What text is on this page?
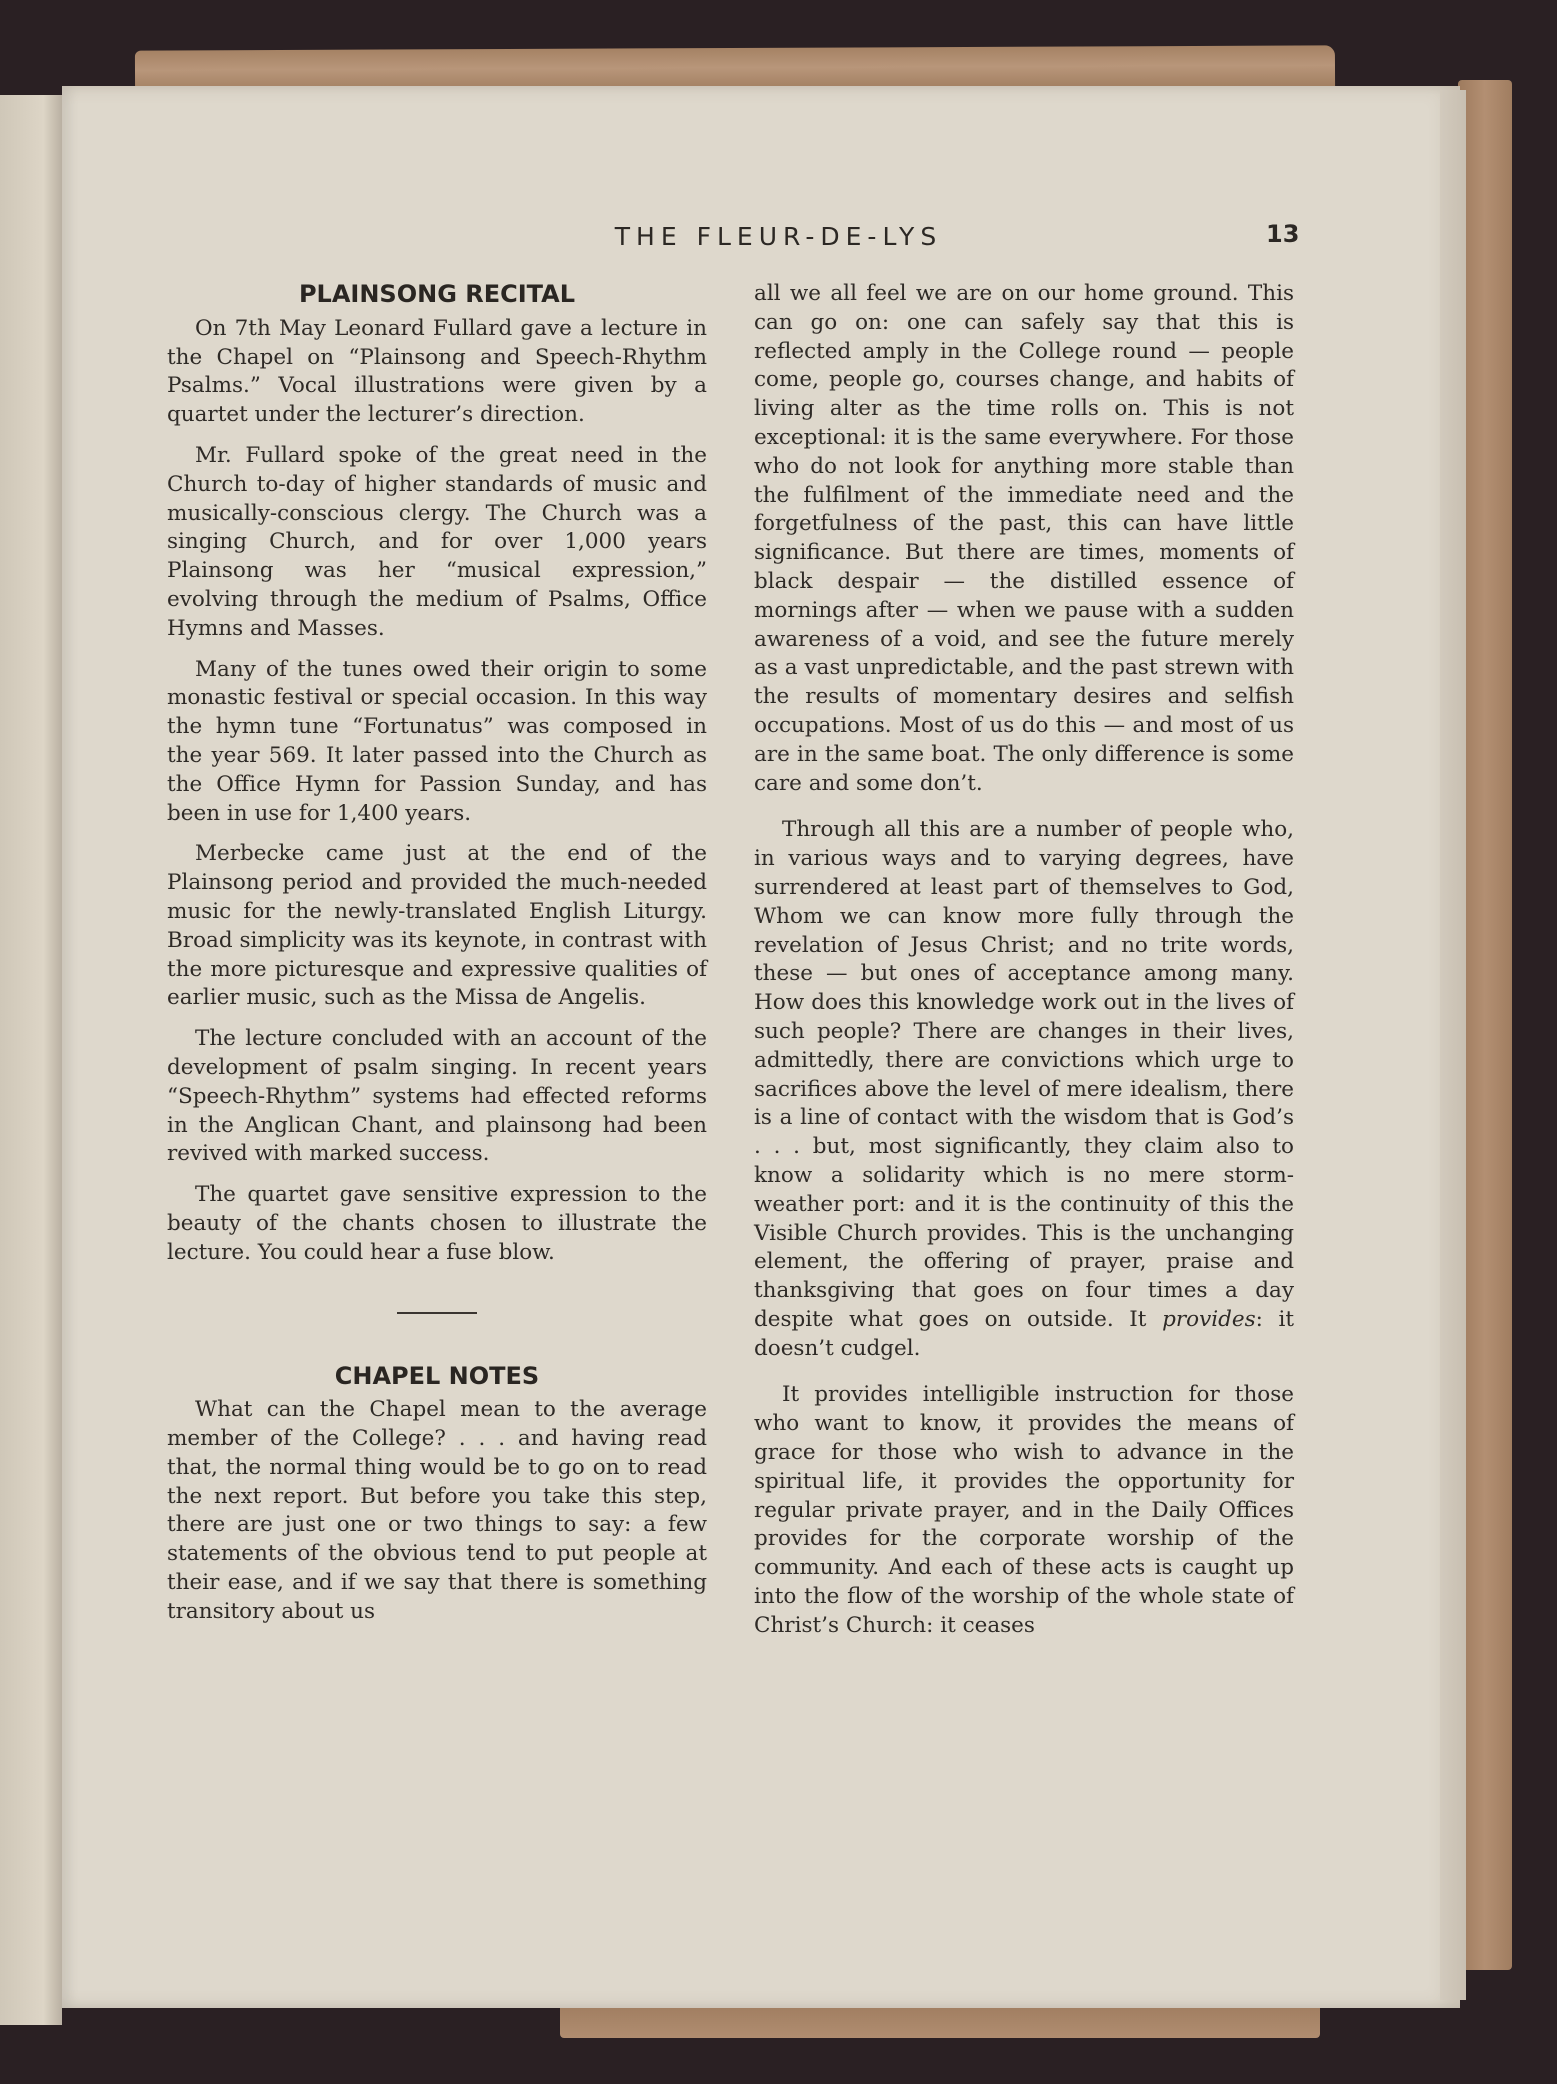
THE FLEUR-DE-LYS	13
PLAINSONG RECITAL

On 7th May Leonard Fullard gave a lecture in the Chapel on “Plainsong and Speech-Rhythm Psalms.” Vocal illustrations were given by a quartet under the lecturer’s direction.

Mr. Fullard spoke of the great need in the Church to-day of higher standards of music and musically-conscious clergy. The Church was a singing Church, and for over 1,000 years Plainsong was her “musical expression,” evolving through the medium of Psalms, Office Hymns and Masses.

Many of the tunes owed their origin to some monastic festival or special occasion. In this way the hymn tune “Fortunatus” was composed in the year 569. It later passed into the Church as the Office Hymn for Passion Sunday, and has been in use for 1,400 years.

Merbecke came just at the end of the Plainsong period and provided the much-needed music for the newly-translated English Liturgy. Broad simplicity was its keynote, in contrast with the more picturesque and expressive qualities of earlier music, such as the Missa de Angelis.

The lecture concluded with an account of the development of psalm singing. In recent years “Speech-Rhythm” systems had effected reforms in the Anglican Chant, and plainsong had been revived with marked success.

The quartet gave sensitive expression to the beauty of the chants chosen to illustrate the lecture. You could hear a fuse blow.

CHAPEL NOTES

What can the Chapel mean to the average member of the College? . . . and having read that, the normal thing would be to go on to read the next report. But before you take this step, there are just one or two things to say: a few statements of the obvious tend to put people at their ease, and if we say that there is something transitory about us

all we all feel we are on our home ground. This can go on: one can safely say that this is reflected amply in the College round — people come, people go, courses change, and habits of living alter as the time rolls on. This is not exceptional: it is the same everywhere. For those who do not look for anything more stable than the fulfilment of the immediate need and the forgetfulness of the past, this can have little significance. But there are times, moments of black despair — the distilled essence of mornings after — when we pause with a sudden awareness of a void, and see the future merely as a vast unpredictable, and the past strewn with the results of momentary desires and selfish occupations. Most of us do this — and most of us are in the same boat. The only difference is some care and some don’t.

Through all this are a number of people who, in various ways and to varying degrees, have surrendered at least part of themselves to God, Whom we can know more fully through the revelation of Jesus Christ; and no trite words, these — but ones of acceptance among many. How does this knowledge work out in the lives of such people? There are changes in their lives, admittedly, there are convictions which urge to sacrifices above the level of mere idealism, there is a line of contact with the wisdom that is God’s . . . but, most significantly, they claim also to know a solidarity which is no mere storm-weather port: and it is the continuity of this the Visible Church provides. This is the unchanging element, the offering of prayer, praise and thanksgiving that goes on four times a day despite what goes on outside. It provides: it doesn’t cudgel.

It provides intelligible instruction for those who want to know, it provides the means of grace for those who wish to advance in the spiritual life, it provides the opportunity for regular private prayer, and in the Daily Offices provides for the corporate worship of the community. And each of these acts is caught up into the flow of the worship of the whole state of Christ’s Church: it ceases
